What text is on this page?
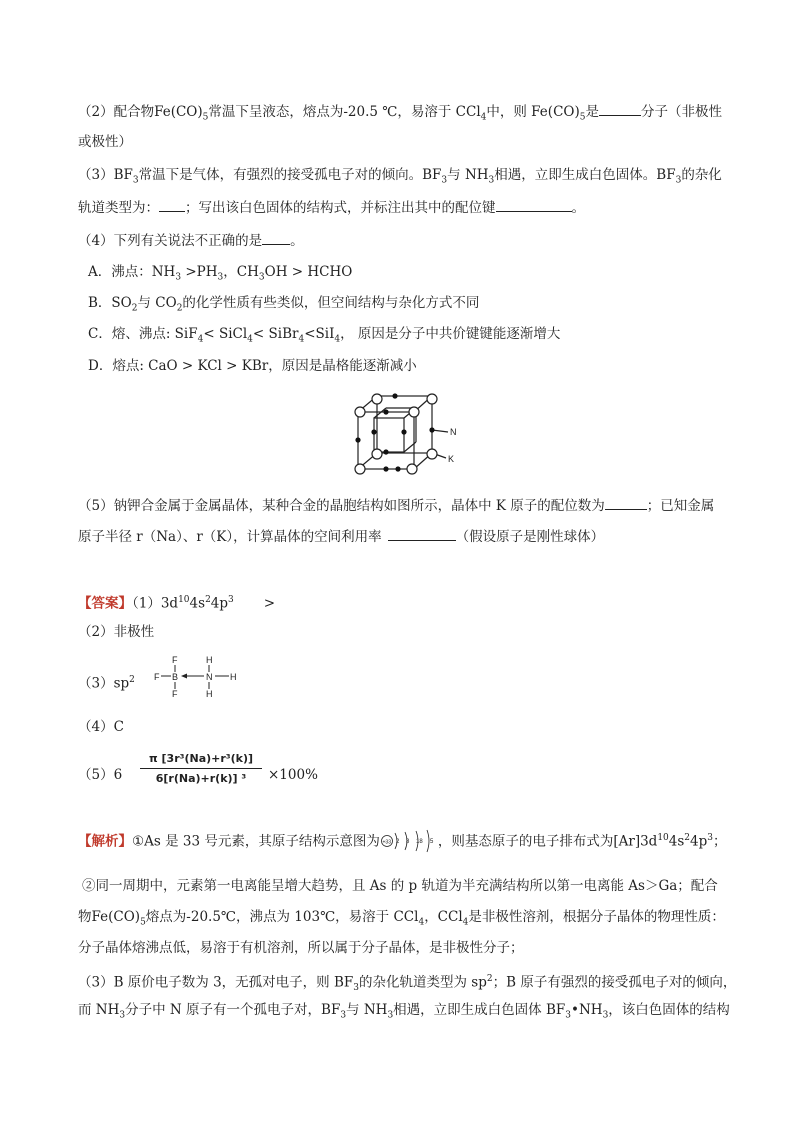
（2）配合物$Fe(CO)_5$常温下呈液态，熔点为-20.5 ℃，易溶于 CCl$_4$中，则 $Fe(CO)_5$是	分子（非极性
或极性）
$(3)BF_3$常温下是气体，有强烈的接受孤电子对的倾向。$BF_3$与 $NH_3$相遇，立即生成白色固体。$BF_3$的杂化
轨道类型为： ；写出该白色固体的结构式，并标注出其中的配位键	。
（4）下列有关说法不正确的是 。
A．沸点：$NH_3 >PH_3$，$CH_3OH$ > HCHO
B．$SO_2$与 $CO_2$的化学性质有些类似，但空间结构与杂化方式不同
C．熔、沸点: SiF$_4$< SiCl$_4$< SiBr$_4$<SiI$_4$， 原因是分子中共价键键能逐渐增大
D．熔点: CaO > KCl > KBr，原因是晶格能逐渐减小
N
K
（5）钠钾合金属于金属晶体，某种合金的晶胞结构如图所示，晶体中 K 原子的配位数为	；已知金属
原子半径 r（Na）、r（K），计算晶体的空间利用率	（假设原子是刚性球体）
【答案】$(1)3d^{10}4s^24p^3$ >
（2）非极性
$(3)sp^2$
F
F B
F
H
N
H
H
（4）C
$(5)6 \frac{\text{π [3r³(Na)+r³(k)]}}{\text{6[r(Na)+r(k)] ³}} \times 100\%$
【解析】①As 是 33 号元素，其原子结构示意图为 +33 2 8 18 5 ，则基态原子的电子排布式为$[Ar]3d^{10}4s^24p^3$；
②同一周期中，元素第一电离能呈增大趋势，且 As 的 p 轨道为半充满结构所以第一电离能 As＞Ga；配合
物$Fe(CO)_5$熔点为-20.5℃，沸点为 103℃，易溶于 CCl$_4$，CCl$_4$是非极性溶剂，根据分子晶体的物理性质：
分子晶体熔沸点低，易溶于有机溶剂，所以属于分子晶体，是非极性分子；
（3）B 原价电子数为 3，无孤对电子，则 $BF_3$的杂化轨道类型为 $sp^2$；B 原子有强烈的接受孤电子对的倾向，
而 $NH_3$分子中 N 原子有一个孤电子对，$BF_3$与 $NH_3$相遇，立即生成白色固体 $BF_3•NH_3$，该白色固体的结构
